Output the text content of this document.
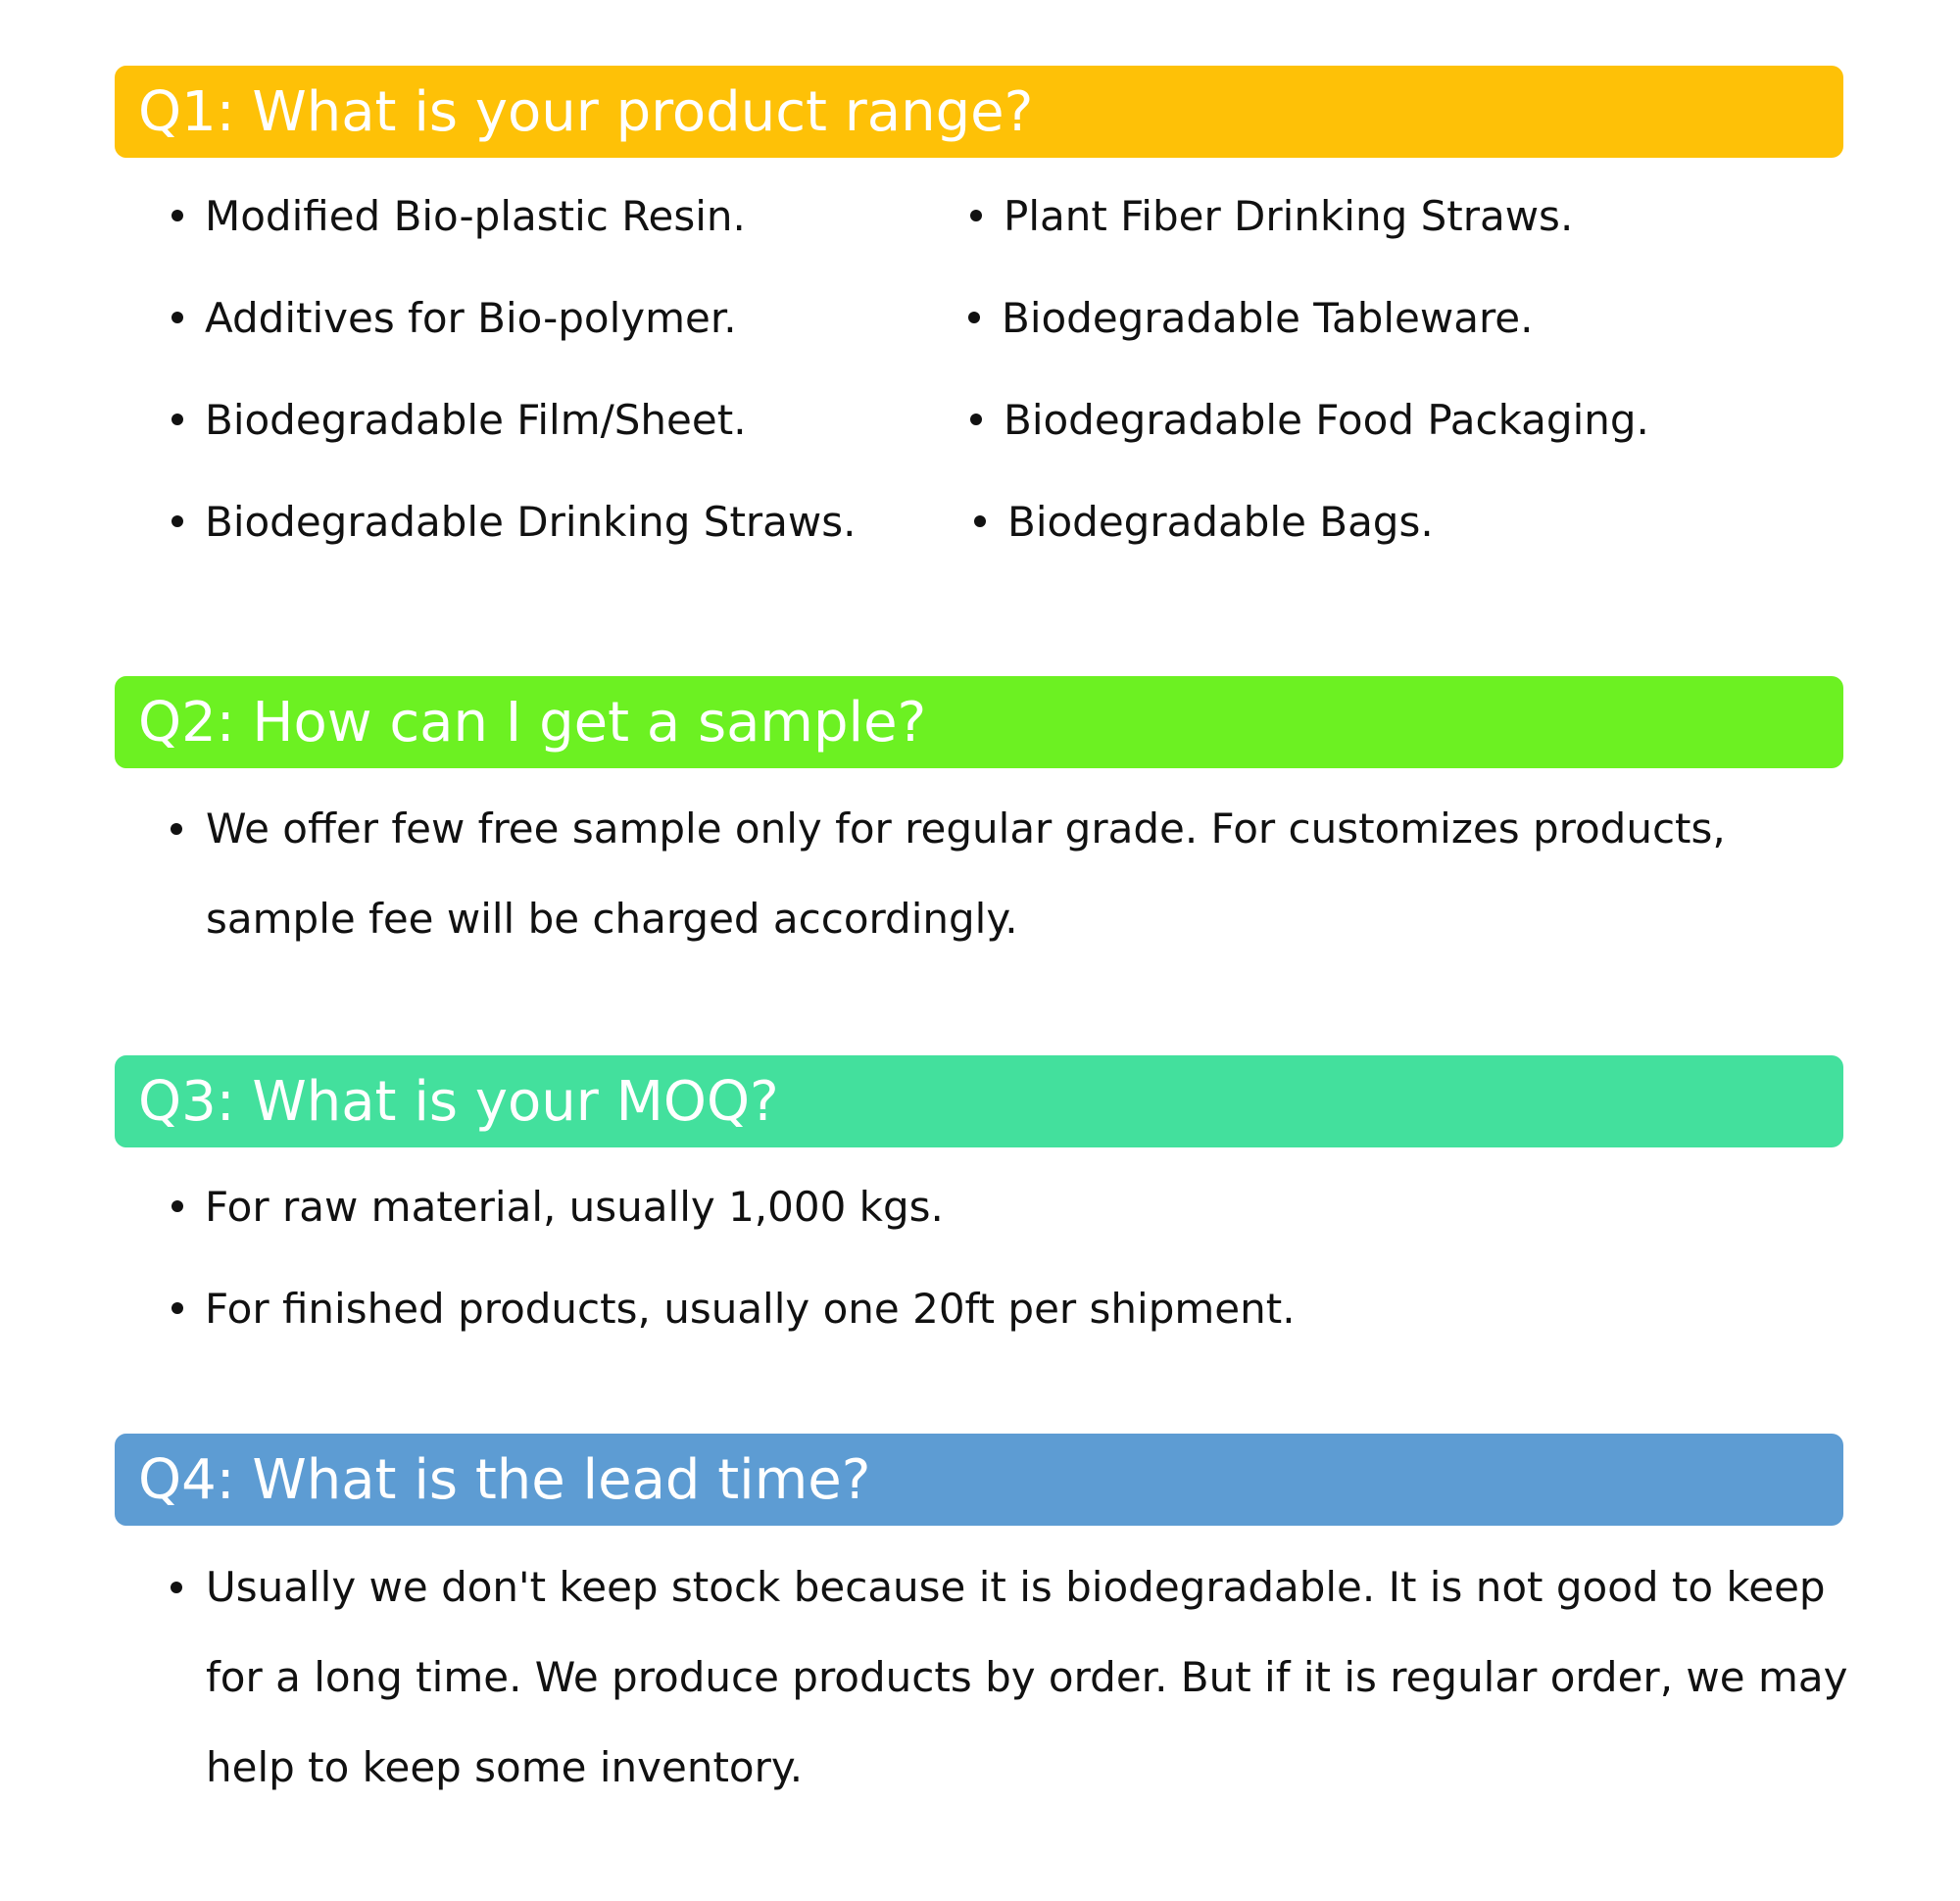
Q1: What is your product range?
Modified Bio-plastic Resin.
Additives for Bio-polymer.
Biodegradable Film/Sheet.
Biodegradable Drinking Straws.
Plant Fiber Drinking Straws.
Biodegradable Tableware.
Biodegradable Food Packaging.
Biodegradable Bags.
Q2: How can I get a sample?
We offer few free sample only for regular grade. For customizes products,
sample fee will be charged accordingly.
Q3: What is your MOQ?
For raw material, usually 1,000 kgs.
For finished products, usually one 20ft per shipment.
Q4: What is the lead time?
Usually we don't keep stock because it is biodegradable. It is not good to keep
for a long time. We produce products by order. But if it is regular order, we may
help to keep some inventory.
